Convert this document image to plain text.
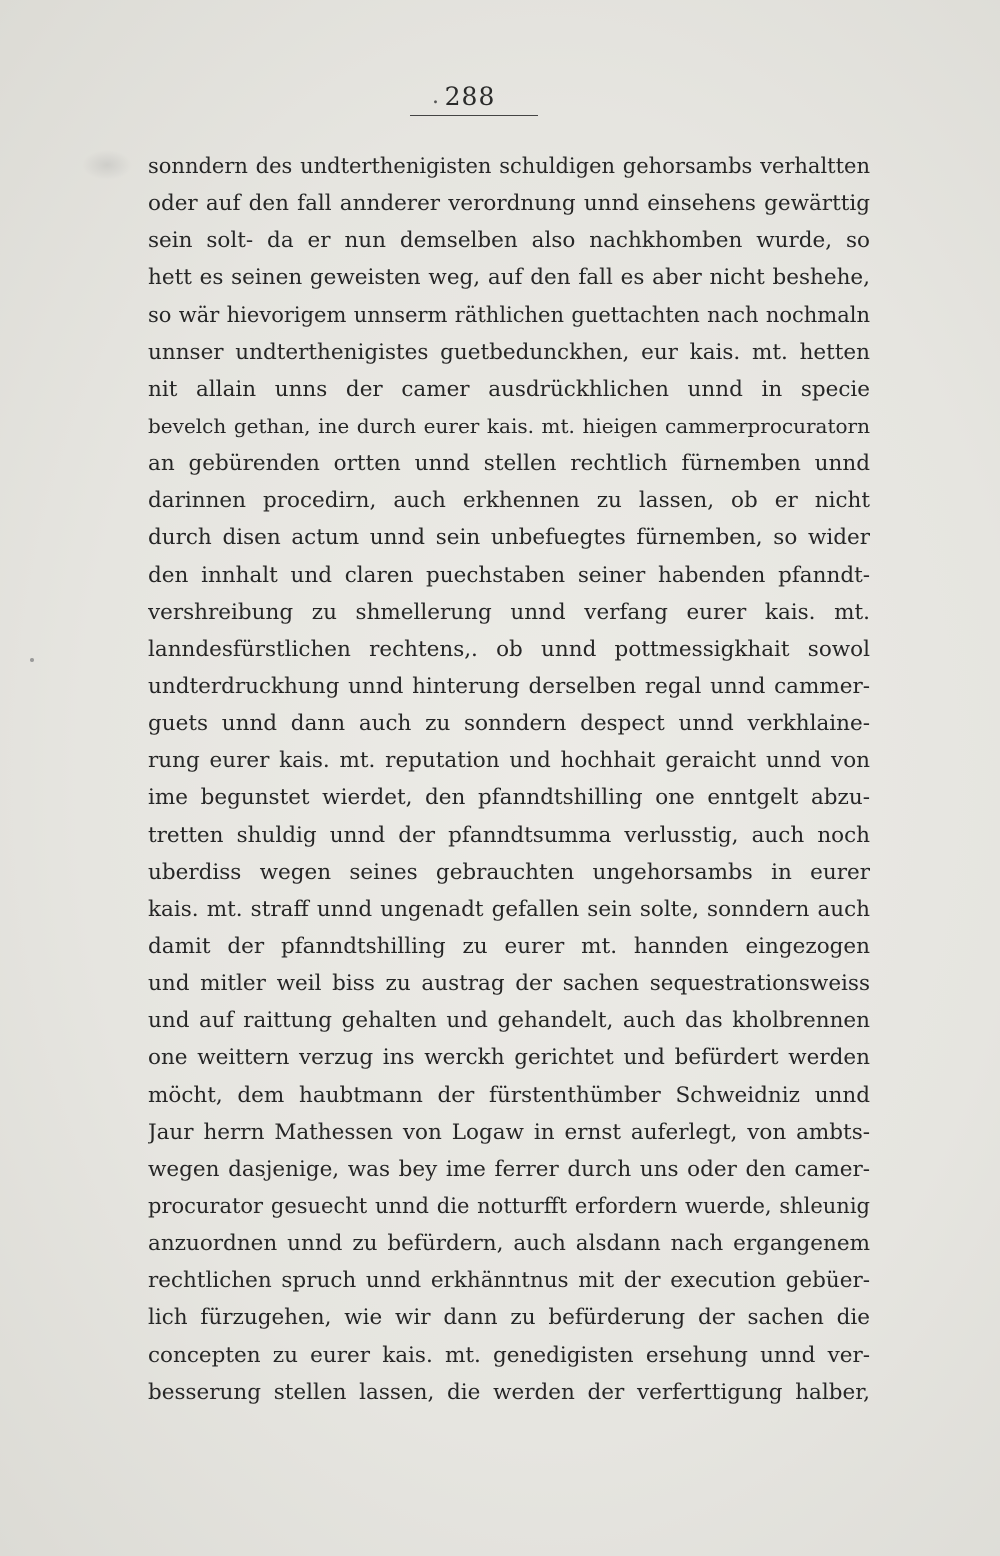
. 288
sonndern des undterthenigisten schuldigen gehorsambs verhaltten
oder auf den fall annderer verordnung unnd einsehens gewärttig
sein solt- da er nun demselben also nachkhomben wurde, so
hett es seinen geweisten weg, auf den fall es aber nicht beshehe,
so wär hievorigem unnserm räthlichen guettachten nach nochmaln
unnser undterthenigistes guetbedunckhen, eur kais. mt. hetten
nit allain unns der camer ausdrückhlichen unnd in specie
bevelch gethan, ine durch eurer kais. mt. hieigen cammerprocuratorn
an gebürenden ortten unnd stellen rechtlich fürnemben unnd
darinnen procedirn, auch erkhennen zu lassen, ob er nicht
durch disen actum unnd sein unbefuegtes fürnemben, so wider
den innhalt und claren puechstaben seiner habenden pfanndt-
vershreibung zu shmellerung unnd verfang eurer kais. mt.
lanndesfürstlichen rechtens,. ob unnd pottmessigkhait sowol
undterdruckhung unnd hinterung derselben regal unnd cammer-
guets unnd dann auch zu sonndern despect unnd verkhlaine-
rung eurer kais. mt. reputation und hochhait geraicht unnd von
ime begunstet wierdet, den pfanndtshilling one enntgelt abzu-
tretten shuldig unnd der pfanndtsumma verlusstig, auch noch
uberdiss wegen seines gebrauchten ungehorsambs in eurer
kais. mt. straff unnd ungenadt gefallen sein solte, sonndern auch
damit der pfanndtshilling zu eurer mt. hannden eingezogen
und mitler weil biss zu austrag der sachen sequestrationsweiss
und auf raittung gehalten und gehandelt, auch das kholbrennen
one weittern verzug ins werckh gerichtet und befürdert werden
möcht, dem haubtmann der fürstenthümber Schweidniz unnd
Jaur herrn Mathessen von Logaw in ernst auferlegt, von ambts-
wegen dasjenige, was bey ime ferrer durch uns oder den camer-
procurator gesuecht unnd die notturfft erfordern wuerde, shleunig
anzuordnen unnd zu befürdern, auch alsdann nach ergangenem
rechtlichen spruch unnd erkhänntnus mit der execution gebüer-
lich fürzugehen, wie wir dann zu befürderung der sachen die
concepten zu eurer kais. mt. genedigisten ersehung unnd ver-
besserung stellen lassen, die werden der verferttigung halber,
